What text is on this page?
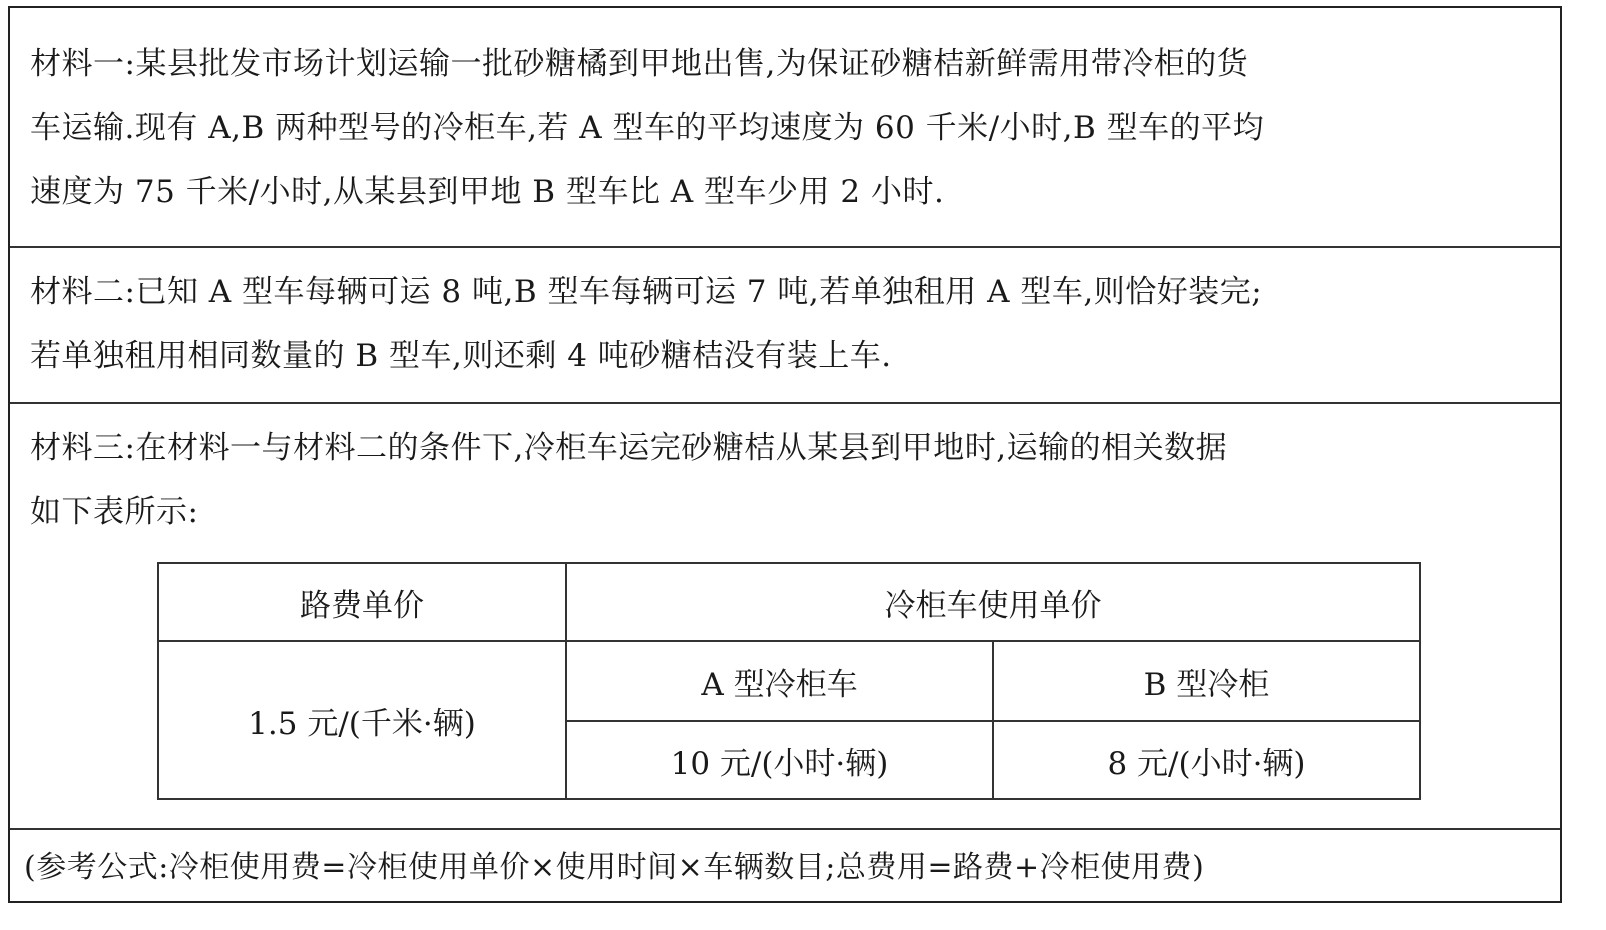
材料一:某县批发市场计划运输一批砂糖橘到甲地出售,为保证砂糖桔新鲜需用带冷柜的货
车运输.现有 A,B 两种型号的冷柜车,若 A 型车的平均速度为 60 千米/小时,B 型车的平均
速度为 75 千米/小时,从某县到甲地 B 型车比 A 型车少用 2 小时.

材料二:已知 A 型车每辆可运 8 吨,B 型车每辆可运 7 吨,若单独租用 A 型车,则恰好装完;
若单独租用相同数量的 B 型车,则还剩 4 吨砂糖桔没有装上车.

材料三:在材料一与材料二的条件下,冷柜车运完砂糖桔从某县到甲地时,运输的相关数据
如下表所示:

路费单价	冷柜车使用单价	
1.5 元/(千米·辆)	A 型冷柜车	B 型冷柜
	10 元/(小时·辆)	8 元/(小时·辆)

(参考公式:冷柜使用费=冷柜使用单价×使用时间×车辆数目;总费用=路费+冷柜使用费)
